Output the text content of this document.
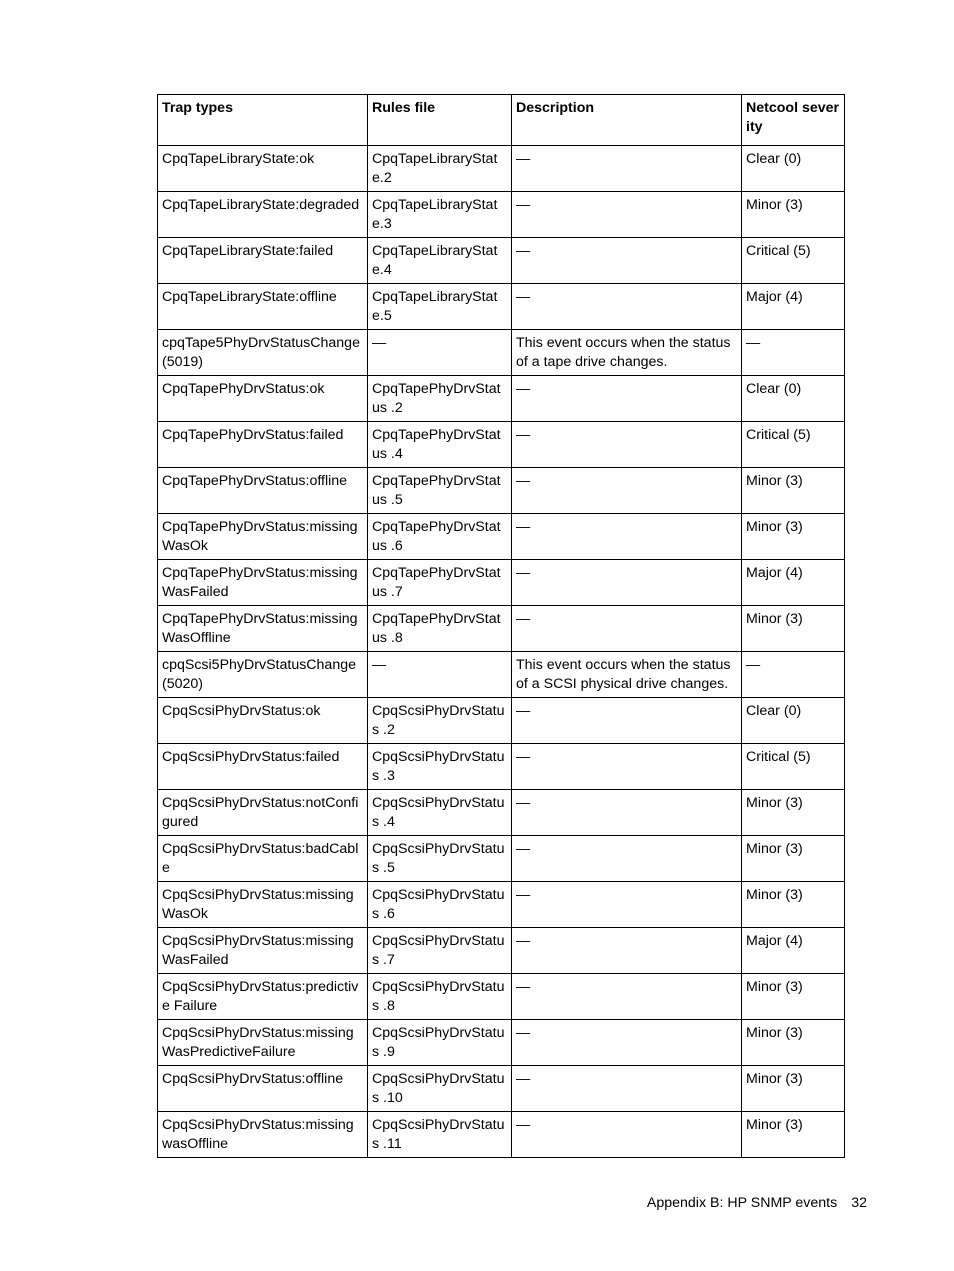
Trap types	Rules file	Description	Netcool severity
CpqTapeLibraryState:ok	CpqTapeLibraryState.2	—	Clear (0)
CpqTapeLibraryState:degraded	CpqTapeLibraryState.3	—	Minor (3)
CpqTapeLibraryState:failed	CpqTapeLibraryState.4	—	Critical (5)
CpqTapeLibraryState:offline	CpqTapeLibraryState.5	—	Major (4)
cpqTape5PhyDrvStatusChange (5019)	—	This event occurs when the status of a tape drive changes.	—
CpqTapePhyDrvStatus:ok	CpqTapePhyDrvStatus .2	—	Clear (0)
CpqTapePhyDrvStatus:failed	CpqTapePhyDrvStatus .4	—	Critical (5)
CpqTapePhyDrvStatus:offline	CpqTapePhyDrvStatus .5	—	Minor (3)
CpqTapePhyDrvStatus:missing WasOk	CpqTapePhyDrvStatus .6	—	Minor (3)
CpqTapePhyDrvStatus:missing WasFailed	CpqTapePhyDrvStatus .7	—	Major (4)
CpqTapePhyDrvStatus:missing WasOffline	CpqTapePhyDrvStatus .8	—	Minor (3)
cpqScsi5PhyDrvStatusChange (5020)	—	This event occurs when the status of a SCSI physical drive changes.	—
CpqScsiPhyDrvStatus:ok	CpqScsiPhyDrvStatus .2	—	Clear (0)
CpqScsiPhyDrvStatus:failed	CpqScsiPhyDrvStatus .3	—	Critical (5)
CpqScsiPhyDrvStatus:notConfigured	CpqScsiPhyDrvStatus .4	—	Minor (3)
CpqScsiPhyDrvStatus:badCable	CpqScsiPhyDrvStatus .5	—	Minor (3)
CpqScsiPhyDrvStatus:missingWasOk	CpqScsiPhyDrvStatus .6	—	Minor (3)
CpqScsiPhyDrvStatus:missingWasFailed	CpqScsiPhyDrvStatus .7	—	Major (4)
CpqScsiPhyDrvStatus:predictive Failure	CpqScsiPhyDrvStatus .8	—	Minor (3)
CpqScsiPhyDrvStatus:missingWasPredictiveFailure	CpqScsiPhyDrvStatus .9	—	Minor (3)
CpqScsiPhyDrvStatus:offline	CpqScsiPhyDrvStatus .10	—	Minor (3)
CpqScsiPhyDrvStatus:missingwasOffline	CpqScsiPhyDrvStatus .11	—	Minor (3)
Appendix B: HP SNMP events 32
